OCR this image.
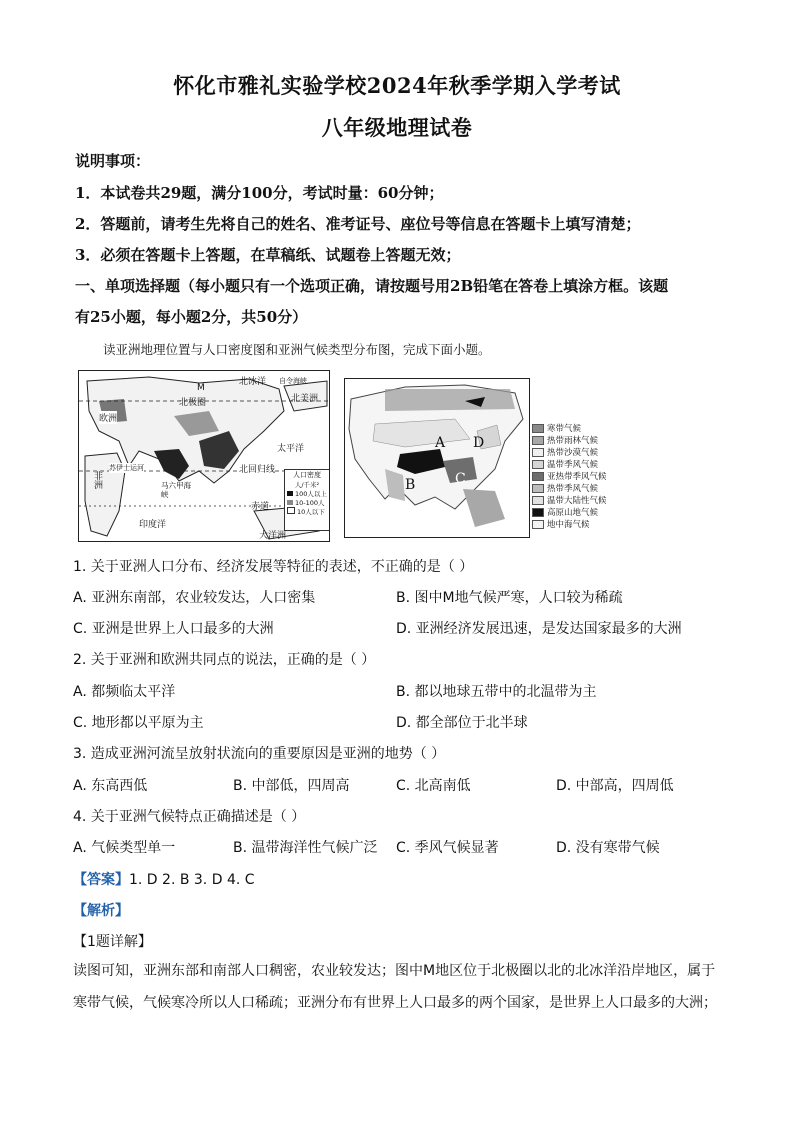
怀化市雅礼实验学校2024年秋季学期入学考试
八年级地理试卷
说明事项：
1．本试卷共29题，满分100分，考试时量：60分钟；
2．答题前，请考生先将自己的姓名、准考证号、座位号等信息在答题卡上填写清楚；
3．必须在答题卡上答题，在草稿纸、试题卷上答题无效；
一、单项选择题（每小题只有一个选项正确，请按题号用2B铅笔在答卷上填涂方框。该题
有25小题，每小题2分，共50分）
读亚洲地理位置与人口密度图和亚洲气候类型分布图，完成下面小题。
北冰洋 自令海峡
M
北美洲
北极圈
欧洲
太平洋
非洲
苏伊士运河
马六甲海峡
北回归线
赤道
印度洋
大洋洲
人口密度
人/千米²
100人以上
10-100人
10人以下
A D
B	C
寒带气候
热带雨林气候
热带沙漠气候
温带季风气候
亚热带季风气候
热带季风气候
温带大陆性气候
高原山地气候
地中海气候
1. 关于亚洲人口分布、经济发展等特征的表述，不正确的是（ ）
A. 亚洲东南部，农业较发达，人口密集	B. 图中M地气候严寒，人口较为稀疏
C. 亚洲是世界上人口最多的大洲	D. 亚洲经济发展迅速，是发达国家最多的大洲
2. 关于亚洲和欧洲共同点的说法，正确的是（ ）
A. 都频临太平洋	B. 都以地球五带中的北温带为主
C. 地形都以平原为主	D. 都全部位于北半球
3. 造成亚洲河流呈放射状流向的重要原因是亚洲的地势（ ）
A. 东高西低	B. 中部低，四周高	C. 北高南低	D. 中部高，四周低
4. 关于亚洲气候特点正确描述是（ ）
A. 气候类型单一	B. 温带海洋性气候广泛 C. 季风气候显著	D. 没有寒带气候
【答案】1. D 2. B 3. D 4. C
【解析】
【1题详解】
读图可知，亚洲东部和南部人口稠密，农业较发达；图中M地区位于北极圈以北的北冰洋沿岸地区，属于寒带气候，气候寒冷所以人口稀疏；亚洲分布有世界上人口最多的两个国家，是世界上人口最多的大洲；
